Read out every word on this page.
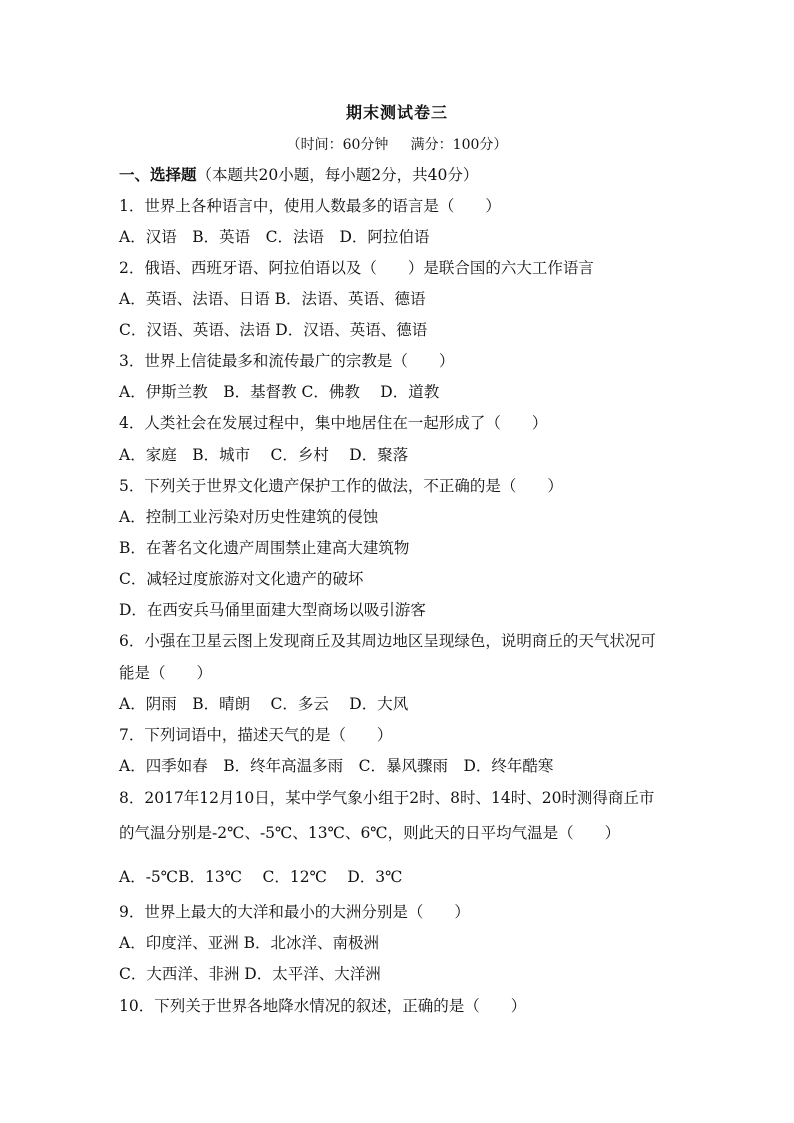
期末测试卷三
（时间：60分钟     满分：100分）
一、选择题（本题共20小题，每小题2分，共40分）
1．世界上各种语言中，使用人数最多的语言是（　　）
A．汉语　B．英语　C．法语　D．阿拉伯语
2．俄语、西班牙语、阿拉伯语以及（　　）是联合国的六大工作语言
A．英语、法语、日语 B．法语、英语、德语
C．汉语、英语、法语 D．汉语、英语、德语
3．世界上信徒最多和流传最广的宗教是（　　）
A．伊斯兰教　B．基督教 C．佛教　 D．道教
4．人类社会在发展过程中，集中地居住在一起形成了（　　）
A．家庭　B．城市　 C．乡村　 D．聚落
5．下列关于世界文化遗产保护工作的做法，不正确的是（　　）
A．控制工业污染对历史性建筑的侵蚀
B．在著名文化遗产周围禁止建高大建筑物
C．减轻过度旅游对文化遗产的破坏
D．在西安兵马俑里面建大型商场以吸引游客
6．小强在卫星云图上发现商丘及其周边地区呈现绿色，说明商丘的天气状况可
能是（　　）
A．阴雨　B．晴朗　 C．多云　 D．大风
7．下列词语中，描述天气的是（　　）
A．四季如春　B．终年高温多雨　C．暴风骤雨　D．终年酷寒
8．2017年12月10日，某中学气象小组于2时、8时、14时、20时测得商丘市
的气温分别是-2℃、-5℃、13℃、6℃，则此天的日平均气温是（　　）
A．-5℃B．13℃　 C．12℃　 D．3℃
9．世界上最大的大洋和最小的大洲分别是（　　）
A．印度洋、亚洲 B．北冰洋、南极洲
C．大西洋、非洲 D．太平洋、大洋洲
10．下列关于世界各地降水情况的叙述，正确的是（　　）
